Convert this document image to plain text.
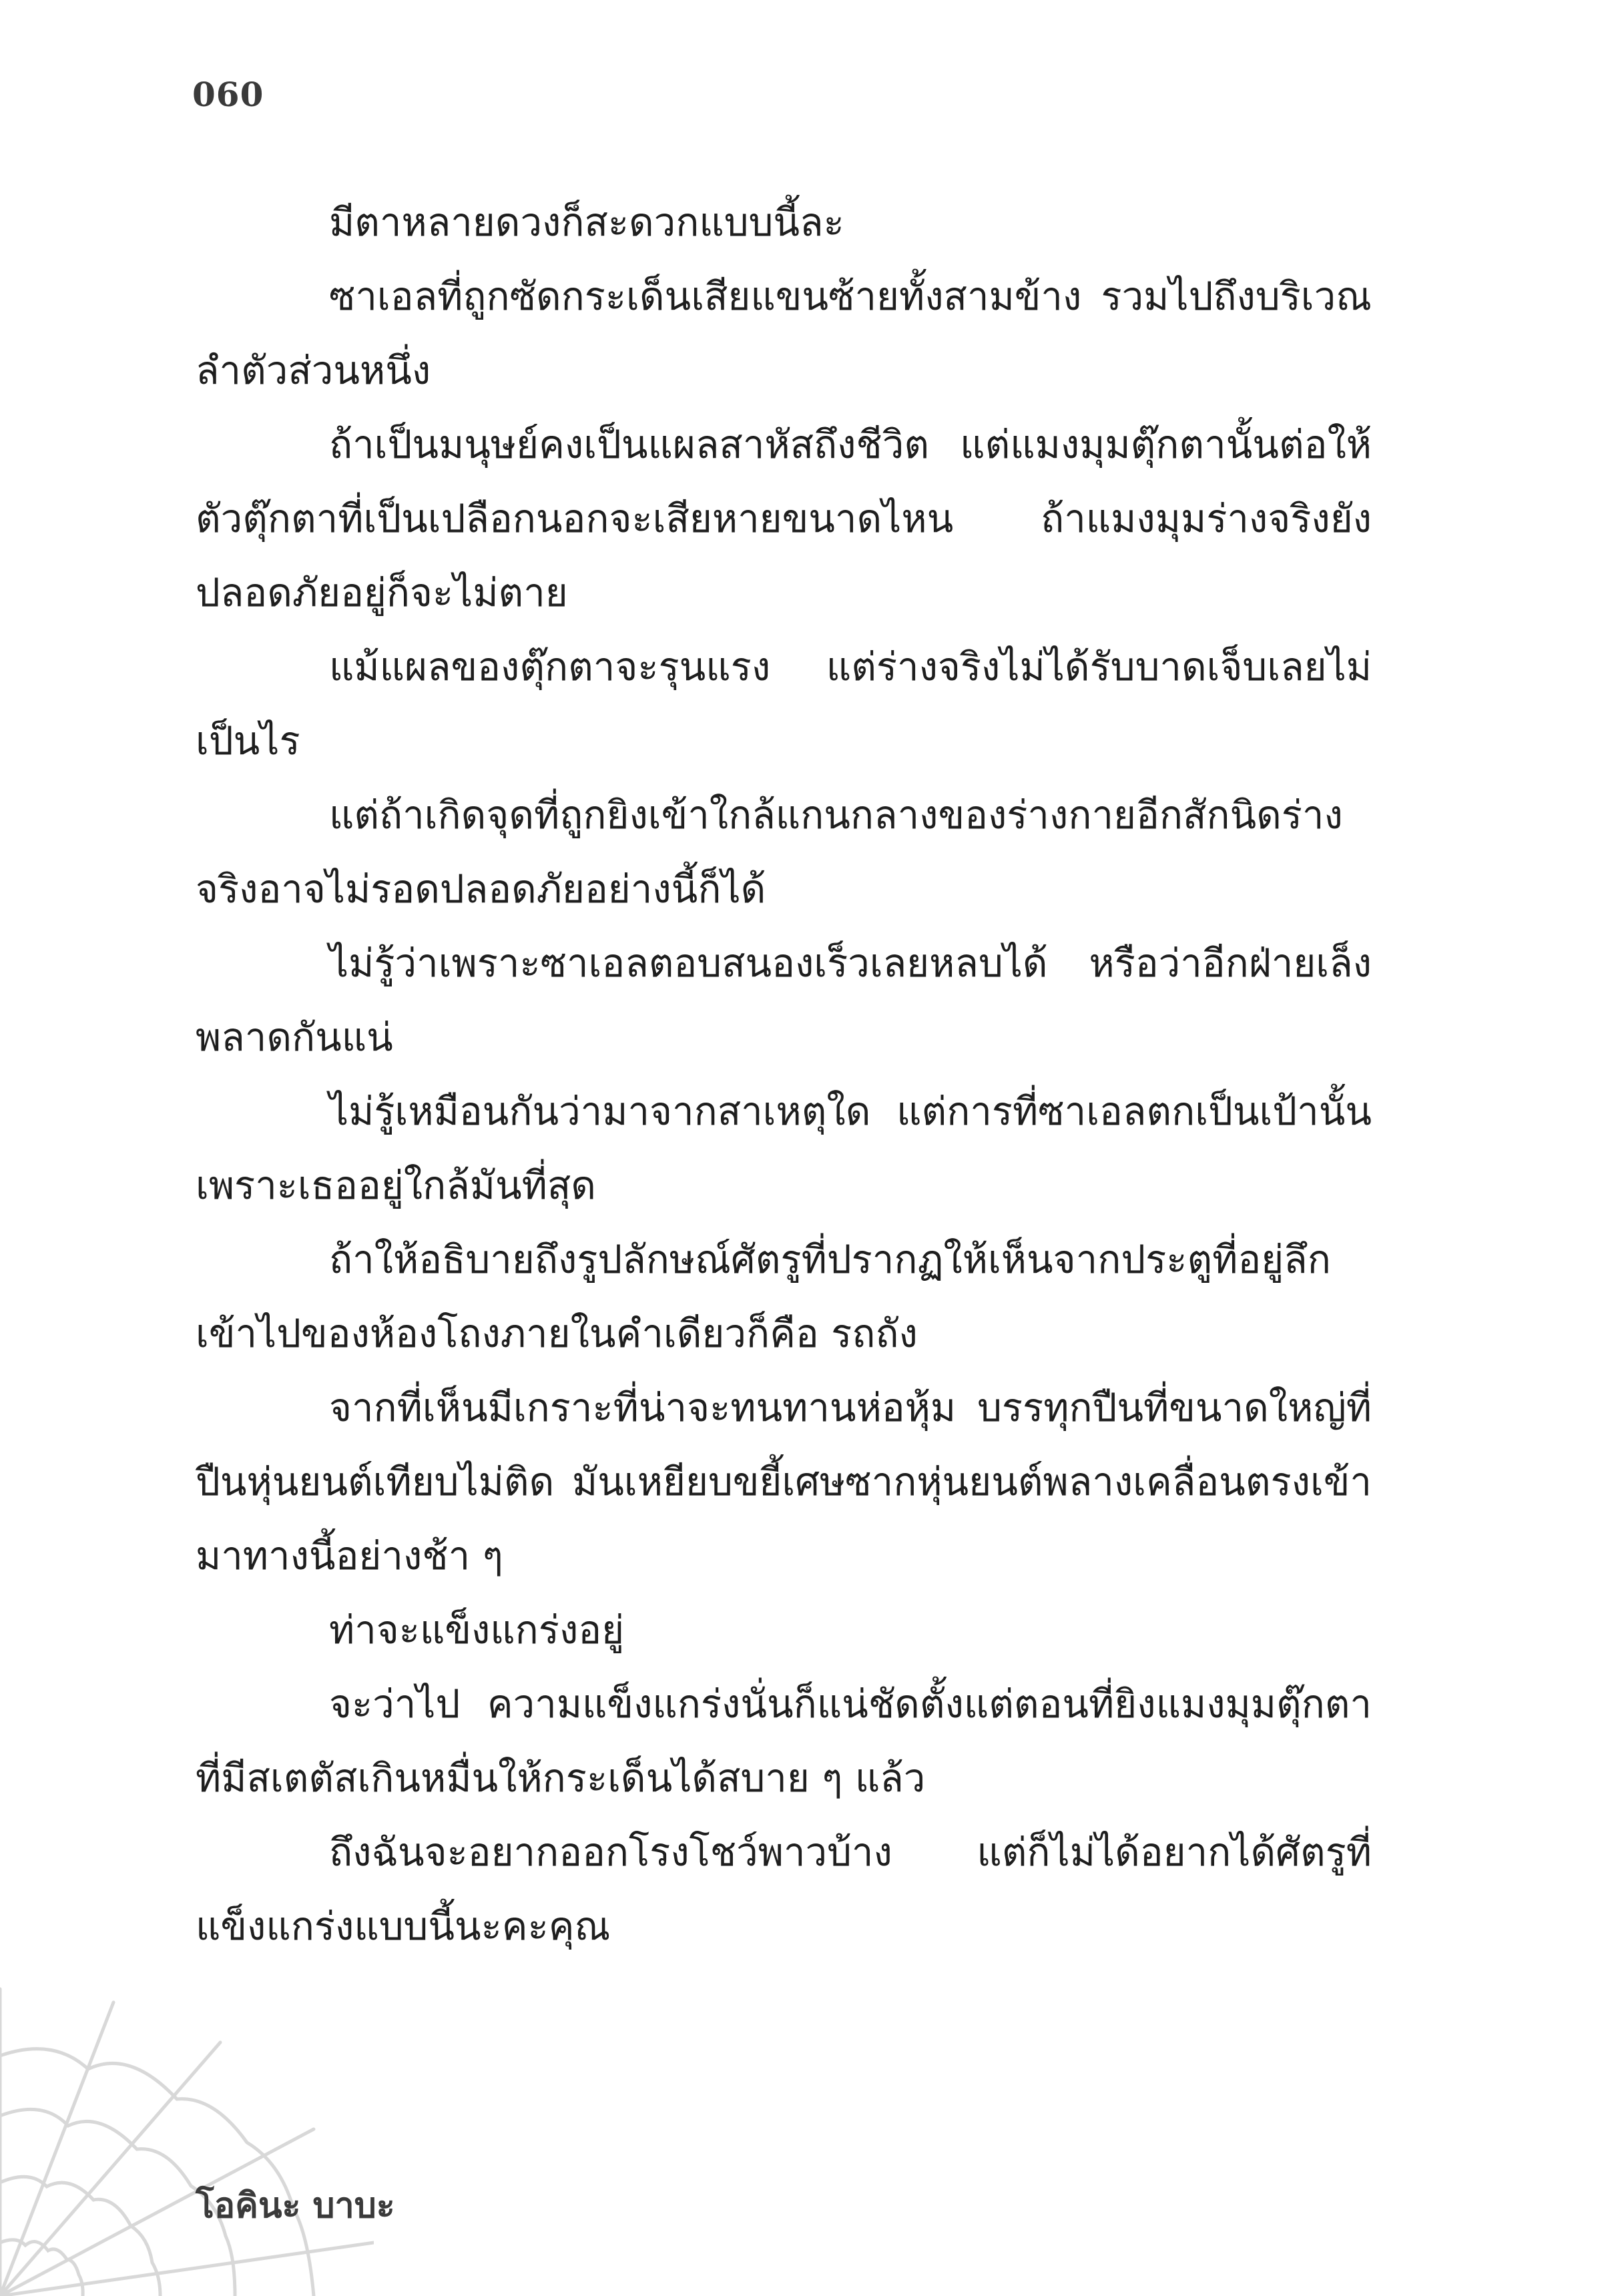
060

มีตาหลายดวงก็สะดวกแบบนี้ละ

ซาเอลที่ถูกซัดกระเด็นเสียแขนซ้ายทั้งสามข้าง รวมไปถึงบริเวณลำตัวส่วนหนึ่ง

ถ้าเป็นมนุษย์คงเป็นแผลสาหัสถึงชีวิต แต่แมงมุมตุ๊กตานั้นต่อให้ตัวตุ๊กตาที่เป็นเปลือกนอกจะเสียหายขนาดไหน ถ้าแมงมุมร่างจริงยังปลอดภัยอยู่ก็จะไม่ตาย

แม้แผลของตุ๊กตาจะรุนแรง แต่ร่างจริงไม่ได้รับบาดเจ็บเลยไม่เป็นไร

แต่ถ้าเกิดจุดที่ถูกยิงเข้าใกล้แกนกลางของร่างกายอีกสักนิดร่างจริงอาจไม่รอดปลอดภัยอย่างนี้ก็ได้

ไม่รู้ว่าเพราะซาเอลตอบสนองเร็วเลยหลบได้ หรือว่าอีกฝ่ายเล็งพลาดกันแน่

ไม่รู้เหมือนกันว่ามาจากสาเหตุใด แต่การที่ซาเอลตกเป็นเป้านั้นเพราะเธออยู่ใกล้มันที่สุด

ถ้าให้อธิบายถึงรูปลักษณ์ศัตรูที่ปรากฏให้เห็นจากประตูที่อยู่ลึกเข้าไปของห้องโถงภายในคำเดียวก็คือ รถถัง

จากที่เห็นมีเกราะที่น่าจะทนทานห่อหุ้ม บรรทุกปืนที่ขนาดใหญ่ที่ปืนหุ่นยนต์เทียบไม่ติด มันเหยียบขยี้เศษซากหุ่นยนต์พลางเคลื่อนตรงเข้ามาทางนี้อย่างช้า ๆ

ท่าจะแข็งแกร่งอยู่

จะว่าไป ความแข็งแกร่งนั่นก็แน่ชัดตั้งแต่ตอนที่ยิงแมงมุมตุ๊กตาที่มีสเตตัสเกินหมื่นให้กระเด็นได้สบาย ๆ แล้ว

ถึงฉันจะอยากออกโรงโชว์พาวบ้าง แต่ก็ไม่ได้อยากได้ศัตรูที่แข็งแกร่งแบบนี้นะคะคุณ

โอคินะ บาบะ
